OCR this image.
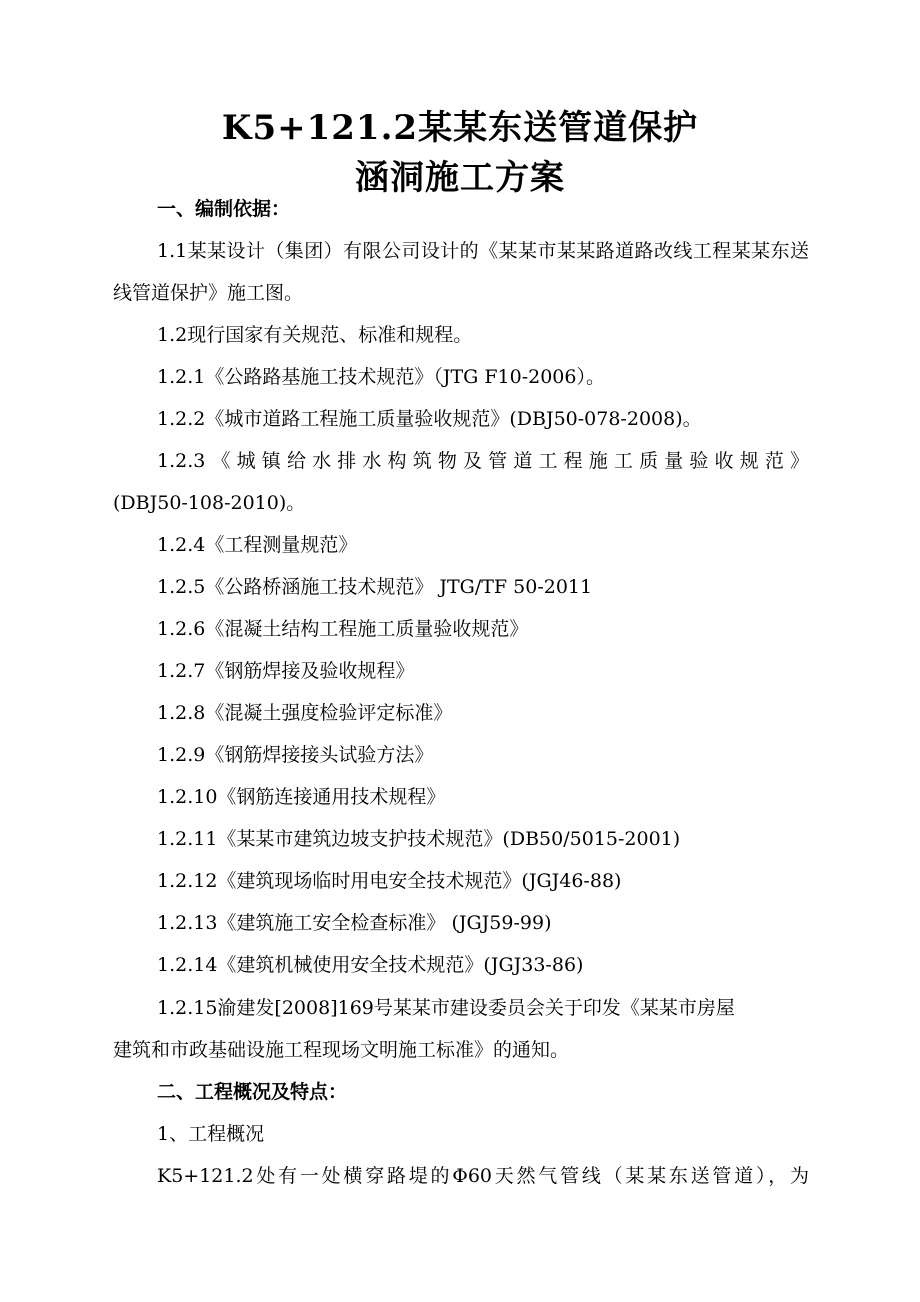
K5+121.2某某东送管道保护
涵洞施工方案
一、编制依据：
1.1某某设计（集团）有限公司设计的《某某市某某路道路改线工程某某东送
线管道保护》施工图。
1.2现行国家有关规范、标准和规程。
1.2.1《公路路基施工技术规范》（JTG F10-2006）。
1.2.2《城市道路工程施工质量验收规范》(DBJ50-078-2008)。
1.2.3《城镇给水排水构筑物及管道工程施工质量验收规范》
(DBJ50-108-2010)。
1.2.4《工程测量规范》
1.2.5《公路桥涵施工技术规范》 JTG/TF 50-2011
1.2.6《混凝土结构工程施工质量验收规范》
1.2.7《钢筋焊接及验收规程》
1.2.8《混凝土强度检验评定标准》
1.2.9《钢筋焊接接头试验方法》
1.2.10《钢筋连接通用技术规程》
1.2.11《某某市建筑边坡支护技术规范》(DB50/5015-2001)
1.2.12《建筑现场临时用电安全技术规范》(JGJ46-88)
1.2.13《建筑施工安全检查标准》 (JGJ59-99)
1.2.14《建筑机械使用安全技术规范》(JGJ33-86)
1.2.15渝建发[2008]169号某某市建设委员会关于印发《某某市房屋
建筑和市政基础设施工程现场文明施工标准》的通知。
二、工程概况及特点：
1、工程概况
K5+121.2处有一处横穿路堤的Φ60天然气管线（某某东送管道），为
